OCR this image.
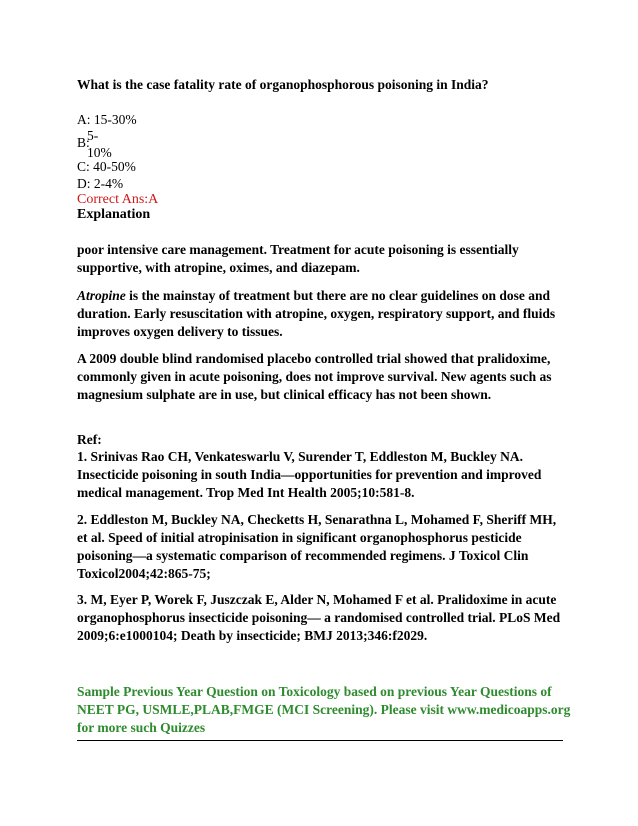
What is the case fatality rate of organophosphorous poisoning in India?
A: 15-30%
B:
5-10%
C: 40-50%
D: 2-4%
Correct Ans:A
Explanation
poor intensive care management. Treatment for acute poisoning is essentially supportive, with atropine, oximes, and diazepam.
Atropine is the mainstay of treatment but there are no clear guidelines on dose and duration. Early resuscitation with atropine, oxygen, respiratory support, and fluids improves oxygen delivery to tissues.
A 2009 double blind randomised placebo controlled trial showed that pralidoxime, commonly given in acute poisoning, does not improve survival. New agents such as magnesium sulphate are in use, but clinical efficacy has not been shown.
Ref:
1. Srinivas Rao CH, Venkateswarlu V, Surender T, Eddleston M, Buckley NA. Insecticide poisoning in south India—opportunities for prevention and improved medical management. Trop Med Int Health 2005;10:581-8.
2. Eddleston M, Buckley NA, Checketts H, Senarathna L, Mohamed F, Sheriff MH, et al. Speed of initial atropinisation in significant organophosphorus pesticide poisoning—a systematic comparison of recommended regimens. J Toxicol Clin Toxicol2004;42:865-75;
3. M, Eyer P, Worek F, Juszczak E, Alder N, Mohamed F et al. Pralidoxime in acute organophosphorus insecticide poisoning— a randomised controlled trial. PLoS Med 2009;6:e1000104; Death by insecticide; BMJ 2013;346:f2029.
Sample Previous Year Question on Toxicology based on previous Year Questions of NEET PG, USMLE,PLAB,FMGE (MCI Screening). Please visit www.medicoapps.org for more such Quizzes
